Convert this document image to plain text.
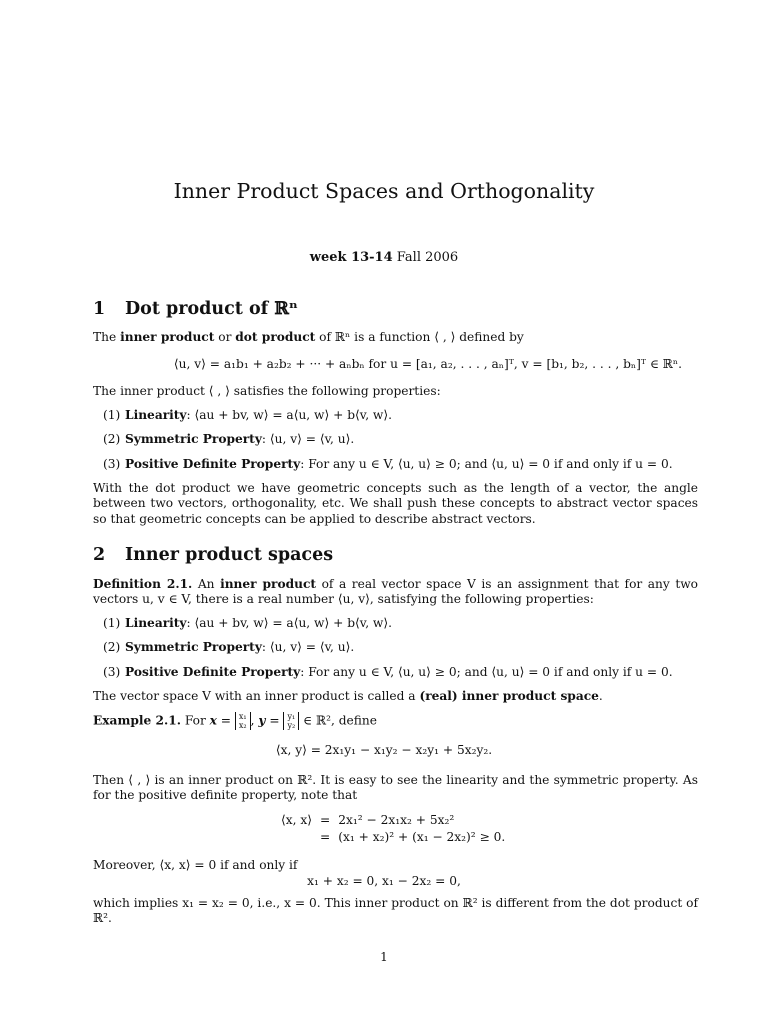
Inner Product Spaces and Orthogonality
week 13-14 Fall 2006
1 Dot product of ℝⁿ
The inner product or dot product of ℝⁿ is a function ⟨ , ⟩ defined by
⟨u, v⟩ = a₁b₁ + a₂b₂ + ··· + aₙbₙ for u = [a₁, a₂, . . . , aₙ]ᵀ, v = [b₁, b₂, . . . , bₙ]ᵀ ∈ ℝⁿ.
The inner product ⟨ , ⟩ satisfies the following properties:
(1) Linearity: ⟨au + bv, w⟩ = a⟨u, w⟩ + b⟨v, w⟩.
(2) Symmetric Property: ⟨u, v⟩ = ⟨v, u⟩.
(3) Positive Definite Property: For any u ∈ V, ⟨u, u⟩ ≥ 0; and ⟨u, u⟩ = 0 if and only if u = 0.
With the dot product we have geometric concepts such as the length of a vector, the angle between two vectors, orthogonality, etc. We shall push these concepts to abstract vector spaces so that geometric concepts can be applied to describe abstract vectors.
2 Inner product spaces
Definition 2.1. An inner product of a real vector space V is an assignment that for any two vectors u, v ∈ V, there is a real number ⟨u, v⟩, satisfying the following properties:
(1) Linearity: ⟨au + bv, w⟩ = a⟨u, w⟩ + b⟨v, w⟩.
(2) Symmetric Property: ⟨u, v⟩ = ⟨v, u⟩.
(3) Positive Definite Property: For any u ∈ V, ⟨u, u⟩ ≥ 0; and ⟨u, u⟩ = 0 if and only if u = 0.
The vector space V with an inner product is called a (real) inner product space.
Example 2.1. For x = x₁
x₂ , y = y₁
y₂ ∈ ℝ², define
⟨x, y⟩ = 2x₁y₁ − x₁y₂ − x₂y₁ + 5x₂y₂.
Then ⟨ , ⟩ is an inner product on ℝ². It is easy to see the linearity and the symmetric property. As for the positive definite property, note that
⟨x, x⟩	=	2x₁² − 2x₁x₂ + 5x₂²
	=	(x₁ + x₂)² + (x₁ − 2x₂)² ≥ 0.
Moreover, ⟨x, x⟩ = 0 if and only if
x₁ + x₂ = 0, x₁ − 2x₂ = 0,
which implies x₁ = x₂ = 0, i.e., x = 0. This inner product on ℝ² is different from the dot product of ℝ².
1
